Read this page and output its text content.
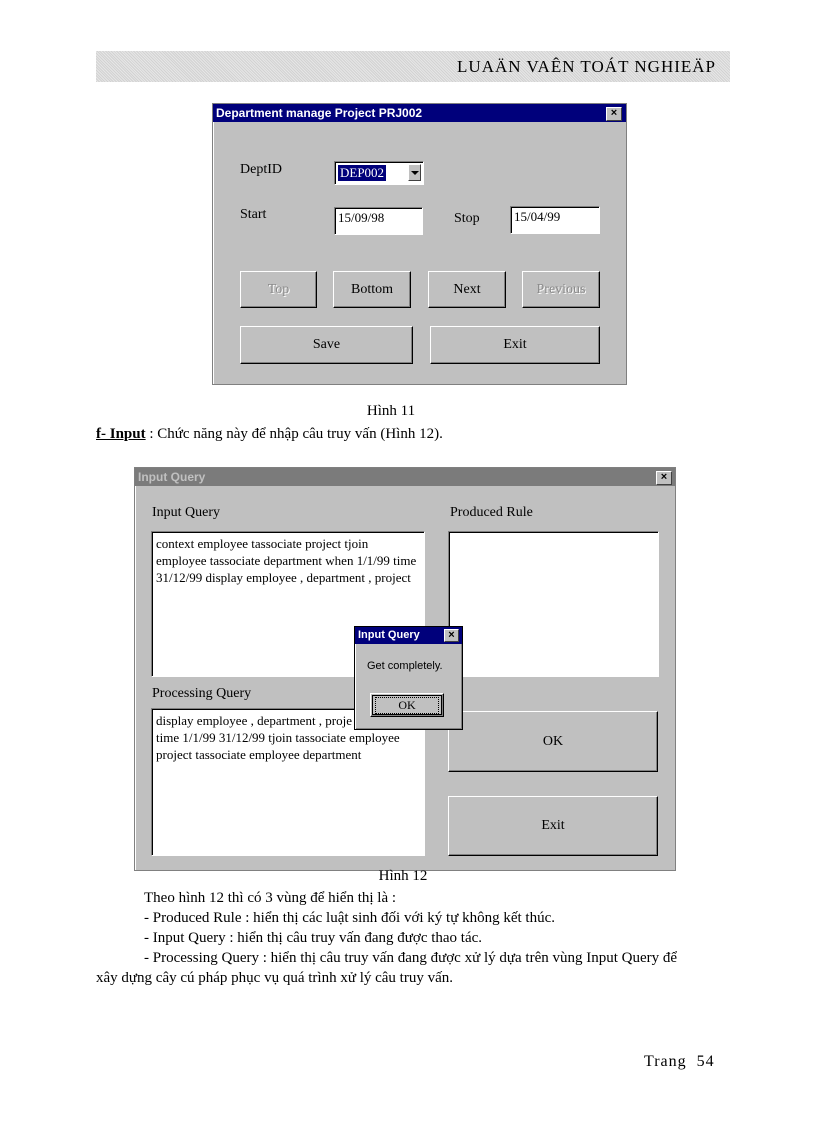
LUAÄN VAÊN TOÁT NGHIEÄP
Department manage Project PRJ002	×
DeptID	DEP002
Start	15/09/98	Stop	15/04/99
Top	Bottom	Next	Previous
Save	Exit
Hình 11
f- Input : Chức năng này để nhập câu truy vấn (Hình 12).
Input Query	×
Input Query
context employee tassociate project tjoin
employee tassociate department when 1/1/99 time
31/12/99 display employee , department , project
Produced Rule
Processing Query
display employee , department , proje
time 1/1/99 31/12/99 tjoin tassociate employee
project tassociate employee department
OK
Exit
Input Query	×
Get completely.
OK
Hình 12
Theo hình 12 thì có 3 vùng để hiển thị là :
- Produced Rule : hiển thị các luật sinh đối với ký tự không kết thúc.
- Input Query : hiển thị câu truy vấn đang được thao tác.
- Processing Query : hiển thị câu truy vấn đang được xử lý dựa trên vùng Input Query để
xây dựng cây cú pháp phục vụ quá trình xử lý câu truy vấn.
Trang 54
